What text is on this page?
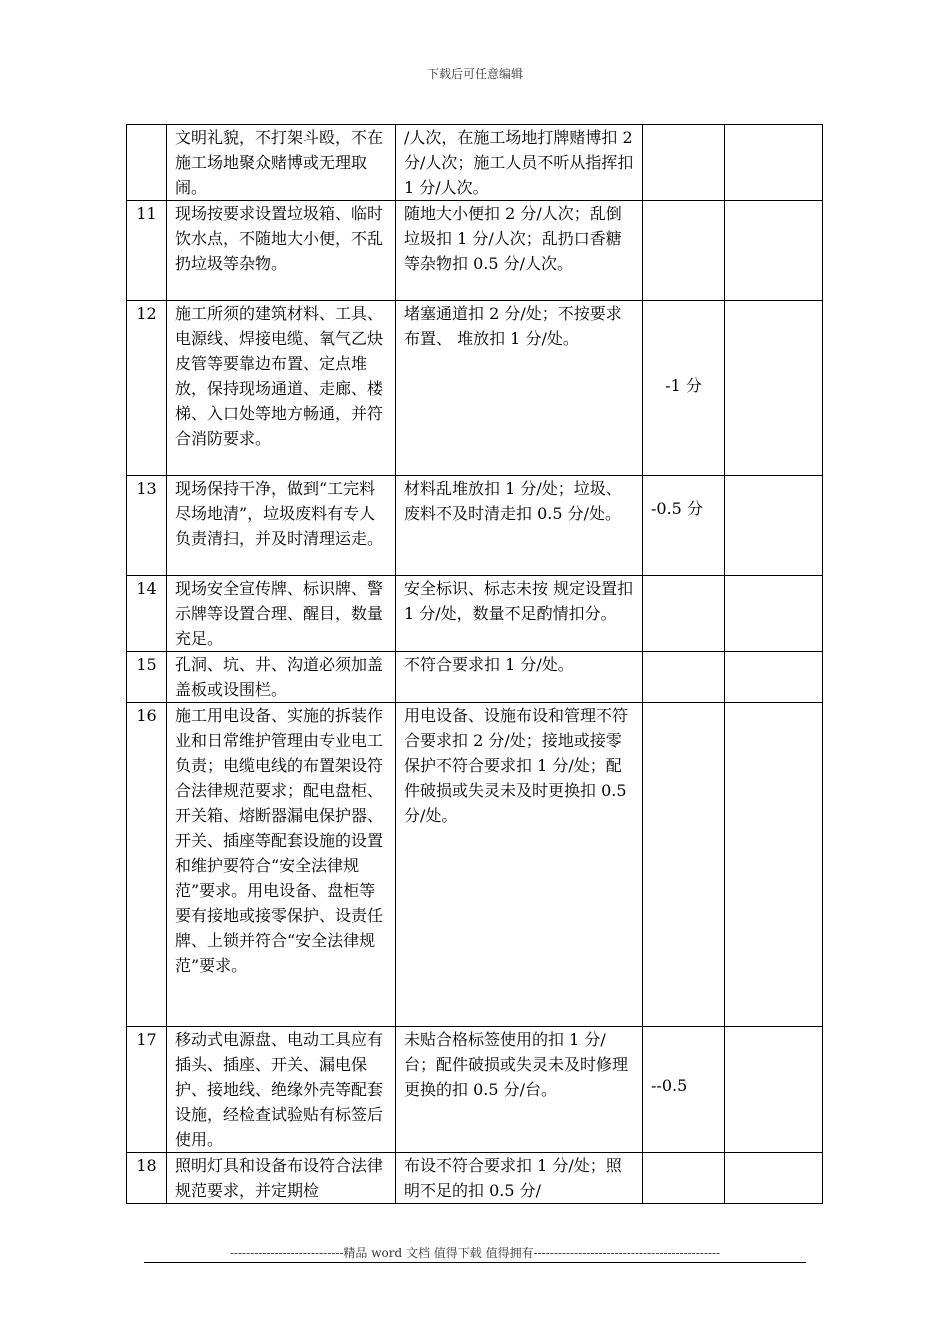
下载后可任意编辑
	文明礼貌，不打架斗殴，不在施工场地聚众赌博或无理取闹。	/人次，在施工场地打牌赌博扣 2 分/人次；施工人员不听从指挥扣 1 分/人次。		
11	现场按要求设置垃圾箱、临时饮水点，不随地大小便，不乱扔垃圾等杂物。	随地大小便扣 2 分/人次；乱倒垃圾扣 1 分/人次；乱扔口香糖等杂物扣 0.5 分/人次。		
12	施工所须的建筑材料、工具、电源线、焊接电缆、氧气乙炔皮管等要靠边布置、定点堆放，保持现场通道、走廊、楼梯、入口处等地方畅通，并符合消防要求。	堵塞通道扣 2 分/处；不按要求布置、 堆放扣 1 分/处。	-1 分	
13	现场保持干净，做到“工完料尽场地清”，垃圾废料有专人负责清扫，并及时清理运走。	材料乱堆放扣 1 分/处；垃圾、废料不及时清走扣 0.5 分/处。	-0.5 分	
14	现场安全宣传牌、标识牌、警示牌等设置合理、醒目，数量充足。	安全标识、标志未按 规定设置扣 1 分/处，数量不足酌情扣分。		
15	孔洞、坑、井、沟道必须加盖盖板或设围栏。	不符合要求扣 1 分/处。		
16	施工用电设备、实施的拆装作业和日常维护管理由专业电工负责；电缆电线的布置架设符合法律规范要求；配电盘柜、开关箱、熔断器漏电保护器、开关、插座等配套设施的设置和维护要符合“安全法律规范”要求。用电设备、盘柜等要有接地或接零保护、设责任牌、上锁并符合“安全法律规范”要求。	用电设备、设施布设和管理不符合要求扣 2 分/处；接地或接零保护不符合要求扣 1 分/处；配件破损或失灵未及时更换扣 0.5 分/处。		
17	移动式电源盘、电动工具应有插头、插座、开关、漏电保护、接地线、绝缘外壳等配套设施，经检查试验贴有标签后使用。	未贴合格标签使用的扣 1 分/台；配件破损或失灵未及时修理更换的扣 0.5 分/台。	--0.5	
18	照明灯具和设备布设符合法律规范要求，并定期检	布设不符合要求扣 1 分/处；照明不足的扣 0.5 分/		
----------------------------精品 word 文档 值得下载 值得拥有----------------------------------------------
